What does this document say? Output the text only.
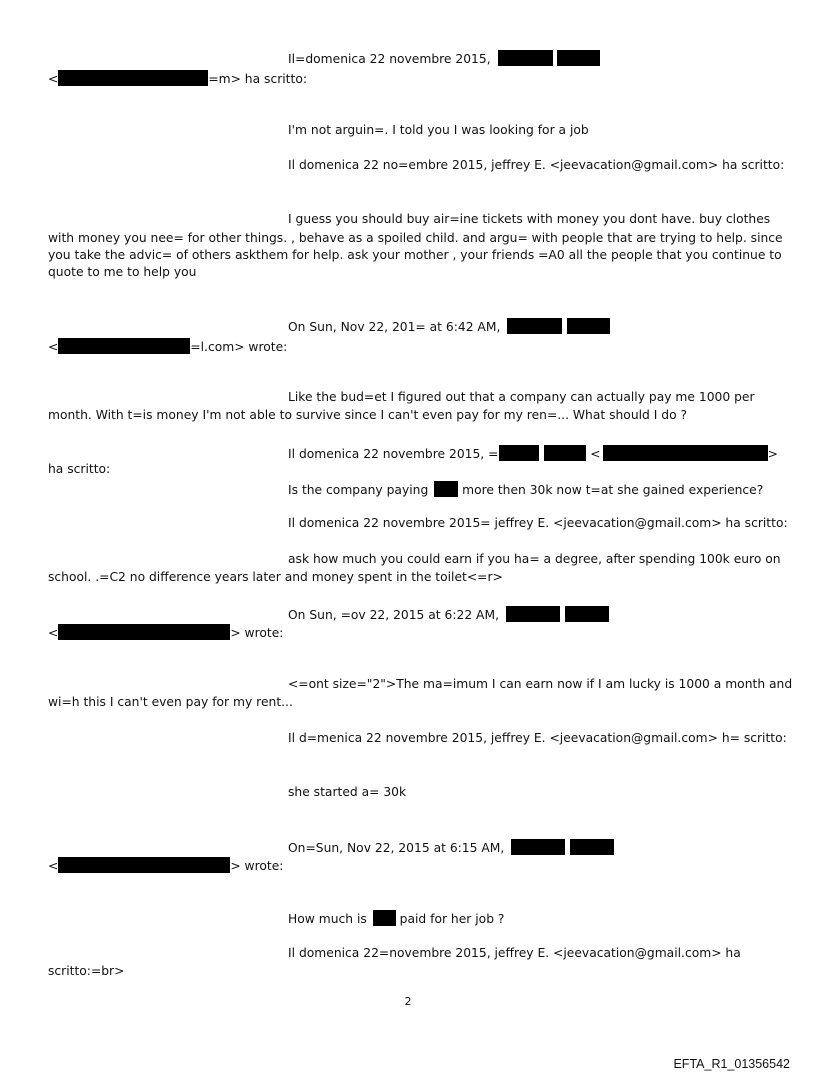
Il=domenica 22 novembre 2015,
<	=m> ha scritto:
I'm not arguin=. I told you I was looking for a job
Il domenica 22 no=embre 2015, jeffrey E. <jeevacation@gmail.com> ha scritto:
I guess you should buy air=ine tickets with money you dont have. buy clothes
with money you nee= for other things. , behave as a spoiled child. and argu= with people that are trying to help. since
you take the advic= of others askthem for help. ask your mother , your friends =A0 all the people that you continue to
quote to me to help you
On Sun, Nov 22, 201= at 6:42 AM,
<	=l.com> wrote:
Like the bud=et I figured out that a company can actually pay me 1000 per
month. With t=is money I'm not able to survive since I can't even pay for my ren=... What should I do ?
Il domenica 22 novembre 2015, =	<	>
ha scritto:
Is the company paying	more then 30k now t=at she gained experience?
Il domenica 22 novembre 2015= jeffrey E. <jeevacation@gmail.com> ha scritto:
ask how much you could earn if you ha= a degree, after spending 100k euro on
school. .=C2 no difference years later and money spent in the toilet<=r>
On Sun, =ov 22, 2015 at 6:22 AM,
<	> wrote:
<=ont size="2">The ma=imum I can earn now if I am lucky is 1000 a month and
wi=h this I can't even pay for my rent...
Il d=menica 22 novembre 2015, jeffrey E. <jeevacation@gmail.com> h= scritto:
she started a= 30k
On=Sun, Nov 22, 2015 at 6:15 AM,
<	> wrote:
How much is	paid for her job ?
Il domenica 22=novembre 2015, jeffrey E. <jeevacation@gmail.com> ha
scritto:=br>
2
EFTA_R1_01356542
